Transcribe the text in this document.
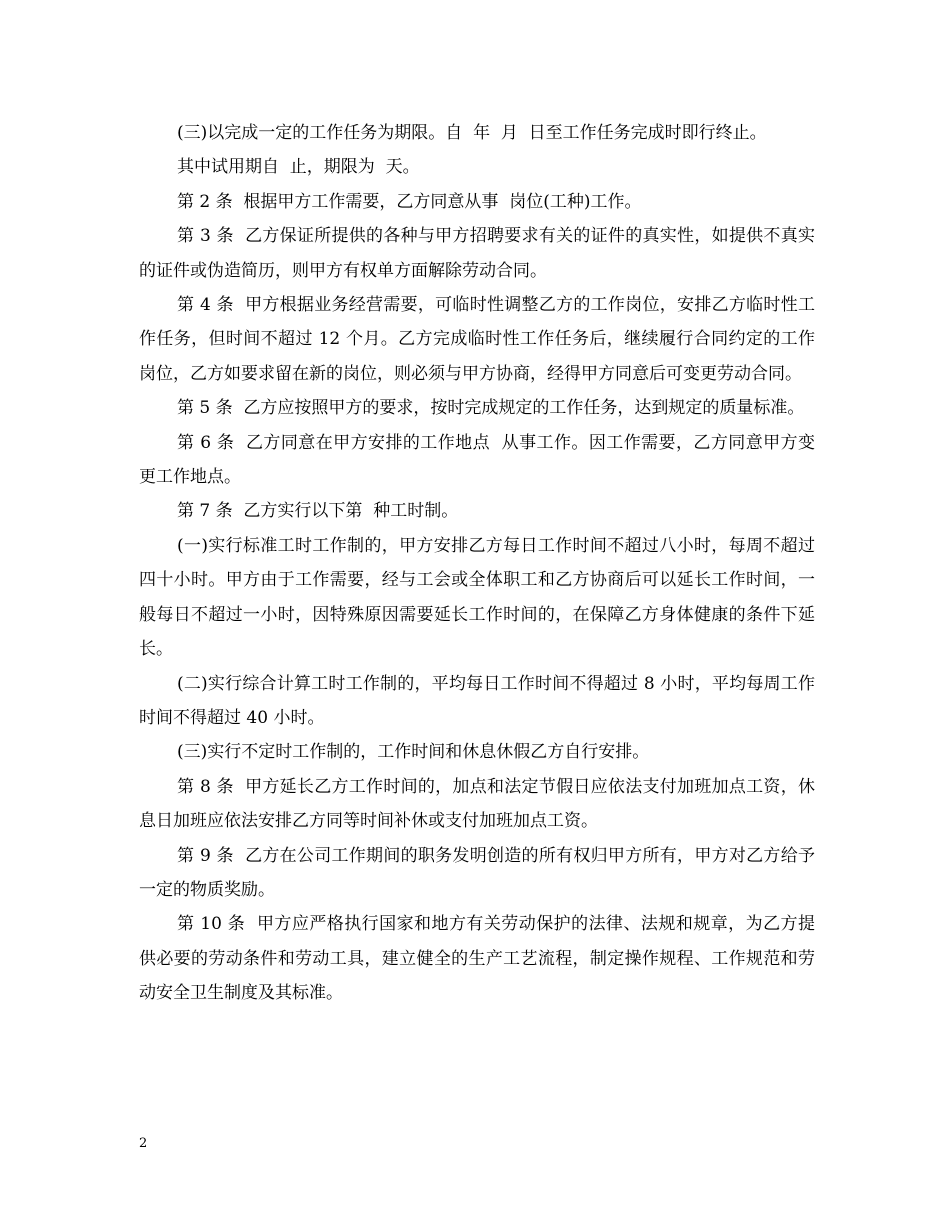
(三)以完成一定的工作任务为期限。自  年  月  日至工作任务完成时即行终止。

其中试用期自  止，期限为  天。

第 2 条  根据甲方工作需要，乙方同意从事  岗位(工种)工作。

第 3 条  乙方保证所提供的各种与甲方招聘要求有关的证件的真实性，如提供不真实的证件或伪造简历，则甲方有权单方面解除劳动合同。

第 4 条  甲方根据业务经营需要，可临时性调整乙方的工作岗位，安排乙方临时性工作任务，但时间不超过 12 个月。乙方完成临时性工作任务后，继续履行合同约定的工作岗位，乙方如要求留在新的岗位，则必须与甲方协商，经得甲方同意后可变更劳动合同。

第 5 条  乙方应按照甲方的要求，按时完成规定的工作任务，达到规定的质量标准。

第 6 条  乙方同意在甲方安排的工作地点  从事工作。因工作需要，乙方同意甲方变更工作地点。

第 7 条  乙方实行以下第  种工时制。

(一)实行标准工时工作制的，甲方安排乙方每日工作时间不超过八小时，每周不超过四十小时。甲方由于工作需要，经与工会或全体职工和乙方协商后可以延长工作时间，一般每日不超过一小时，因特殊原因需要延长工作时间的，在保障乙方身体健康的条件下延长。

(二)实行综合计算工时工作制的，平均每日工作时间不得超过 8 小时，平均每周工作时间不得超过 40 小时。

(三)实行不定时工作制的，工作时间和休息休假乙方自行安排。

第 8 条  甲方延长乙方工作时间的，加点和法定节假日应依法支付加班加点工资，休息日加班应依法安排乙方同等时间补休或支付加班加点工资。

第 9 条  乙方在公司工作期间的职务发明创造的所有权归甲方所有，甲方对乙方给予一定的物质奖励。

第 10 条  甲方应严格执行国家和地方有关劳动保护的法律、法规和规章，为乙方提供必要的劳动条件和劳动工具，建立健全的生产工艺流程，制定操作规程、工作规范和劳动安全卫生制度及其标准。

2
